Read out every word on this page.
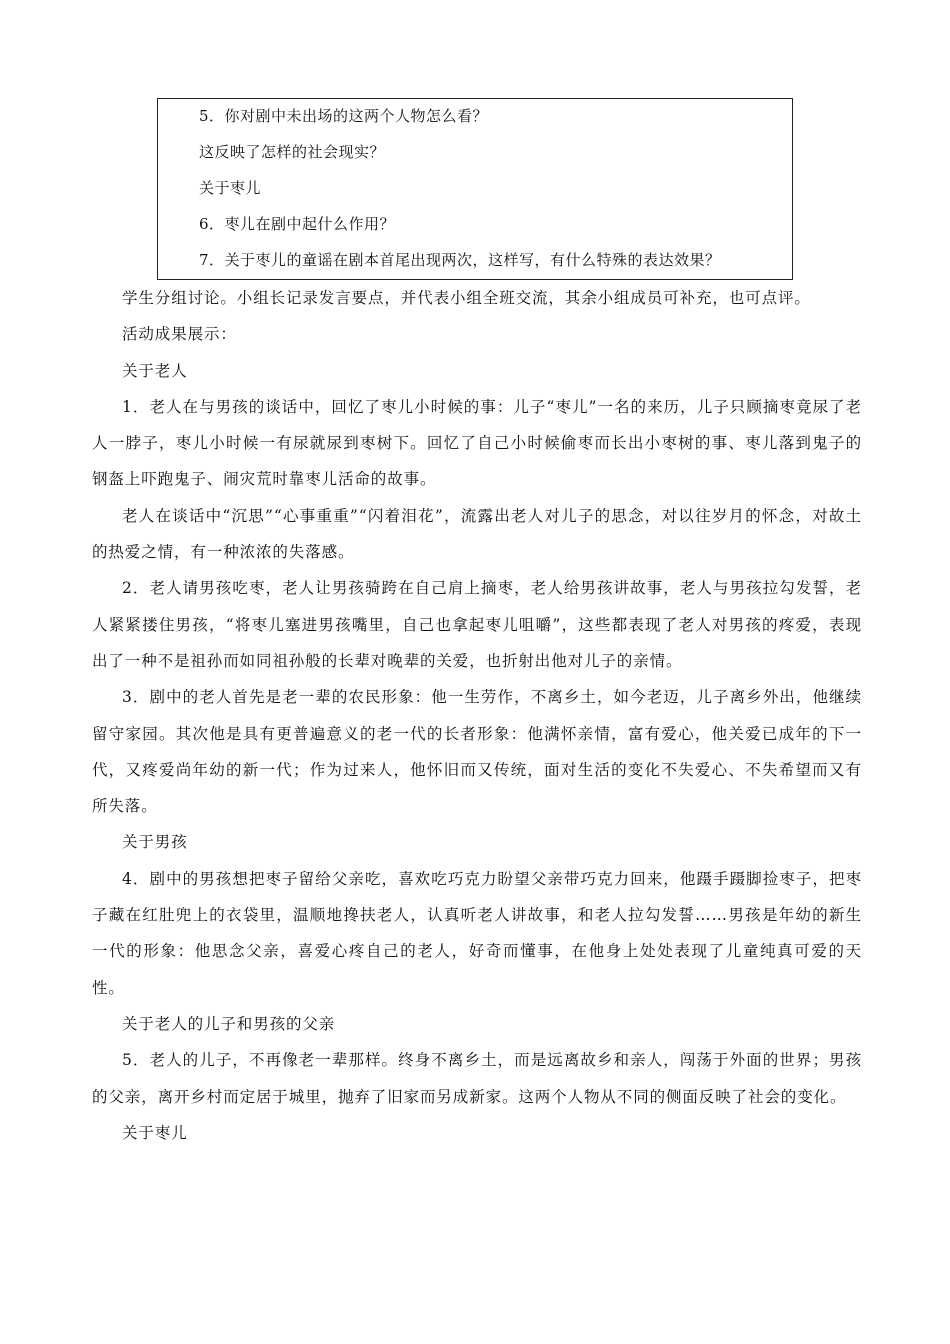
5．你对剧中未出场的这两个人物怎么看？
这反映了怎样的社会现实？
关于枣儿
6．枣儿在剧中起什么作用？
7．关于枣儿的童谣在剧本首尾出现两次，这样写，有什么特殊的表达效果？

学生分组讨论。小组长记录发言要点，并代表小组全班交流，其余小组成员可补充，也可点评。

活动成果展示：

关于老人

1．老人在与男孩的谈话中，回忆了枣儿小时候的事：儿子“枣儿”一名的来历，儿子只顾摘枣竟尿了老人一脖子，枣儿小时候一有尿就尿到枣树下。回忆了自己小时候偷枣而长出小枣树的事、枣儿落到鬼子的钢盔上吓跑鬼子、闹灾荒时靠枣儿活命的故事。

老人在谈话中“沉思”“心事重重”“闪着泪花”，流露出老人对儿子的思念，对以往岁月的怀念，对故土的热爱之情，有一种浓浓的失落感。

2．老人请男孩吃枣，老人让男孩骑跨在自己肩上摘枣，老人给男孩讲故事，老人与男孩拉勾发誓，老人紧紧搂住男孩，“将枣儿塞进男孩嘴里，自己也拿起枣儿咀嚼”，这些都表现了老人对男孩的疼爱，表现出了一种不是祖孙而如同祖孙般的长辈对晚辈的关爱，也折射出他对儿子的亲情。

3．剧中的老人首先是老一辈的农民形象：他一生劳作，不离乡土，如今老迈，儿子离乡外出，他继续留守家园。其次他是具有更普遍意义的老一代的长者形象：他满怀亲情，富有爱心，他关爱已成年的下一代，又疼爱尚年幼的新一代；作为过来人，他怀旧而又传统，面对生活的变化不失爱心、不失希望而又有所失落。

关于男孩

4．剧中的男孩想把枣子留给父亲吃，喜欢吃巧克力盼望父亲带巧克力回来，他蹑手蹑脚捡枣子，把枣子藏在红肚兜上的衣袋里，温顺地搀扶老人，认真听老人讲故事，和老人拉勾发誓……男孩是年幼的新生一代的形象：他思念父亲，喜爱心疼自己的老人，好奇而懂事，在他身上处处表现了儿童纯真可爱的天性。

关于老人的儿子和男孩的父亲

5．老人的儿子，不再像老一辈那样。终身不离乡土，而是远离故乡和亲人，闯荡于外面的世界；男孩的父亲，离开乡村而定居于城里，抛弃了旧家而另成新家。这两个人物从不同的侧面反映了社会的变化。

关于枣儿
